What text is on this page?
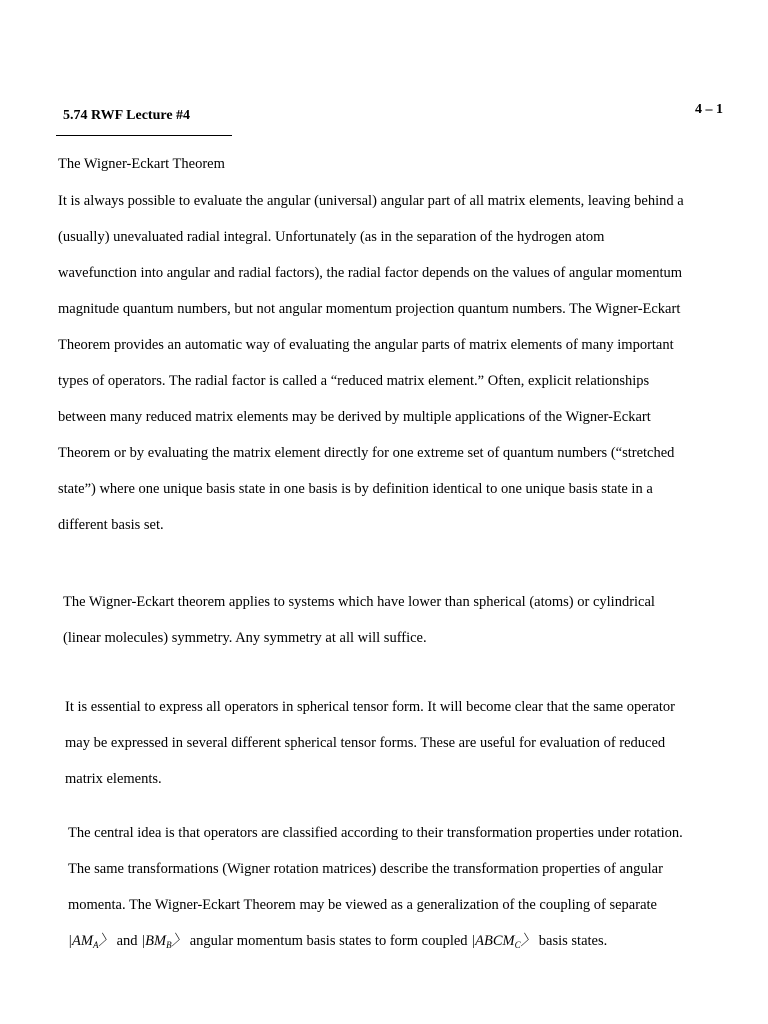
5.74 RWF Lecture #4	4 – 1
The Wigner-Eckart Theorem
It is always possible to evaluate the angular (universal) angular part of all matrix elements, leaving behind a
(usually) unevaluated radial integral. Unfortunately (as in the separation of the hydrogen atom
wavefunction into angular and radial factors), the radial factor depends on the values of angular momentum
magnitude quantum numbers, but not angular momentum projection quantum numbers. The Wigner-Eckart
Theorem provides an automatic way of evaluating the angular parts of matrix elements of many important
types of operators. The radial factor is called a “reduced matrix element.” Often, explicit relationships
between many reduced matrix elements may be derived by multiple applications of the Wigner-Eckart
Theorem or by evaluating the matrix element directly for one extreme set of quantum numbers (“stretched
state”) where one unique basis state in one basis is by definition identical to one unique basis state in a
different basis set.
The Wigner-Eckart theorem applies to systems which have lower than spherical (atoms) or cylindrical
(linear molecules) symmetry. Any symmetry at all will suffice.
It is essential to express all operators in spherical tensor form. It will become clear that the same operator
may be expressed in several different spherical tensor forms. These are useful for evaluation of reduced
matrix elements.
The central idea is that operators are classified according to their transformation properties under rotation.
The same transformations (Wigner rotation matrices) describe the transformation properties of angular
momenta. The Wigner-Eckart Theorem may be viewed as a generalization of the coupling of separate
$|AM_A$〉 and $|BM_B$〉 angular momentum basis states to form coupled $|ABCM_C$〉 basis states.
